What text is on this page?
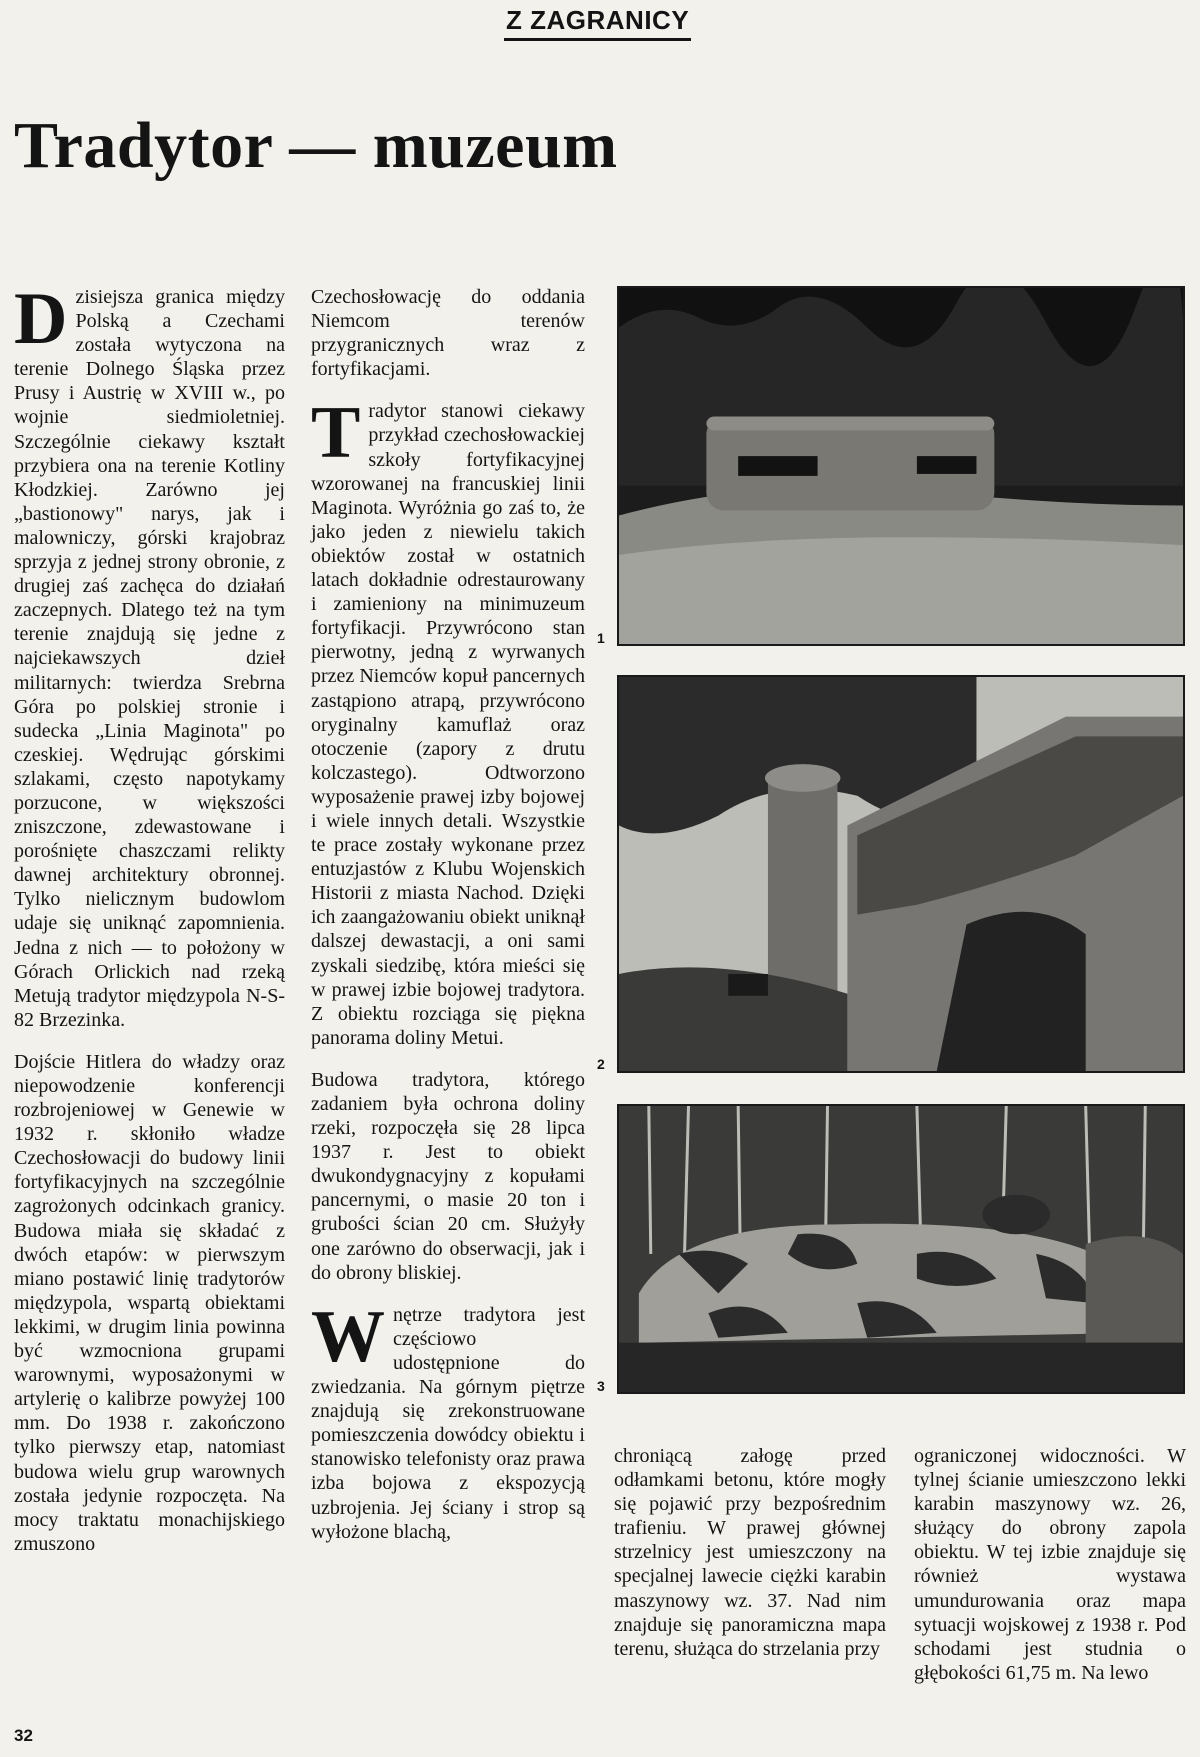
Z ZAGRANICY
Tradytor — muzeum

Dzisiejsza granica między Polską a Czechami została wytyczona na terenie Dolnego Śląska przez Prusy i Austrię w XVIII w., po wojnie siedmioletniej. Szczególnie ciekawy kształt przybiera ona na terenie Kotliny Kłodzkiej. Zarówno jej „bastionowy" narys, jak i malowniczy, górski krajobraz sprzyja z jednej strony obronie, z drugiej zaś zachęca do działań zaczepnych. Dlatego też na tym terenie znajdują się jedne z najciekawszych dzieł militarnych: twierdza Srebrna Góra po polskiej stronie i sudecka „Linia Maginota" po czeskiej. Wędrując górskimi szlakami, często napotykamy porzucone, w większości zniszczone, zdewastowane i porośnięte chaszczami relikty dawnej architektury obronnej. Tylko nielicznym budowlom udaje się uniknąć zapomnienia. Jedna z nich — to położony w Górach Orlickich nad rzeką Metują tradytor międzypola N-S-82 Brzezinka.

Dojście Hitlera do władzy oraz niepowodzenie konferencji rozbrojeniowej w Genewie w 1932 r. skłoniło władze Czechosłowacji do budowy linii fortyfikacyjnych na szczególnie zagrożonych odcinkach granicy. Budowa miała się składać z dwóch etapów: w pierwszym miano postawić linię tradytorów międzypola, wspartą obiektami lekkimi, w drugim linia powinna być wzmocniona grupami warownymi, wyposażonymi w artylerię o kalibrze powyżej 100 mm. Do 1938 r. zakończono tylko pierwszy etap, natomiast budowa wielu grup warownych została jedynie rozpoczęta. Na mocy traktatu monachijskiego zmuszono

Czechosłowację do oddania Niemcom terenów przygranicznych wraz z fortyfikacjami.

Tradytor stanowi ciekawy przykład czechosłowackiej szkoły fortyfikacyjnej wzorowanej na francuskiej linii Maginota. Wyróżnia go zaś to, że jako jeden z niewielu takich obiektów został w ostatnich latach dokładnie odrestaurowany i zamieniony na minimuzeum fortyfikacji. Przywrócono stan pierwotny, jedną z wyrwanych przez Niemców kopuł pancernych zastąpiono atrapą, przywrócono oryginalny kamuflaż oraz otoczenie (zapory z drutu kolczastego). Odtworzono wyposażenie prawej izby bojowej i wiele innych detali. Wszystkie te prace zostały wykonane przez entuzjastów z Klubu Wojenskich Historii z miasta Nachod. Dzięki ich zaangażowaniu obiekt uniknął dalszej dewastacji, a oni sami zyskali siedzibę, która mieści się w prawej izbie bojowej tradytora. Z obiektu rozciąga się piękna panorama doliny Metui.

Budowa tradytora, którego zadaniem była ochrona doliny rzeki, rozpoczęła się 28 lipca 1937 r. Jest to obiekt dwukondygnacyjny z kopułami pancernymi, o masie 20 ton i grubości ścian 20 cm. Służyły one zarówno do obserwacji, jak i do obrony bliskiej.

Wnętrze tradytora jest częściowo udostępnione do zwiedzania. Na górnym piętrze znajdują się zrekonstruowane pomieszczenia dowódcy obiektu i stanowisko telefonisty oraz prawa izba bojowa z ekspozycją uzbrojenia. Jej ściany i strop są wyłożone blachą,

chroniącą załogę przed odłamkami betonu, które mogły się pojawić przy bezpośrednim trafieniu. W prawej głównej strzelnicy jest umieszczony na specjalnej lawecie ciężki karabin maszynowy wz. 37. Nad nim znajduje się panoramiczna mapa terenu, służąca do strzelania przy

ograniczonej widoczności. W tylnej ścianie umieszczono lekki karabin maszynowy wz. 26, służący do obrony zapola obiektu. W tej izbie znajduje się również wystawa umundurowania oraz mapa sytuacji wojskowej z 1938 r. Pod schodami jest studnia o głębokości 61,75 m. Na lewo

1
2
3
32
